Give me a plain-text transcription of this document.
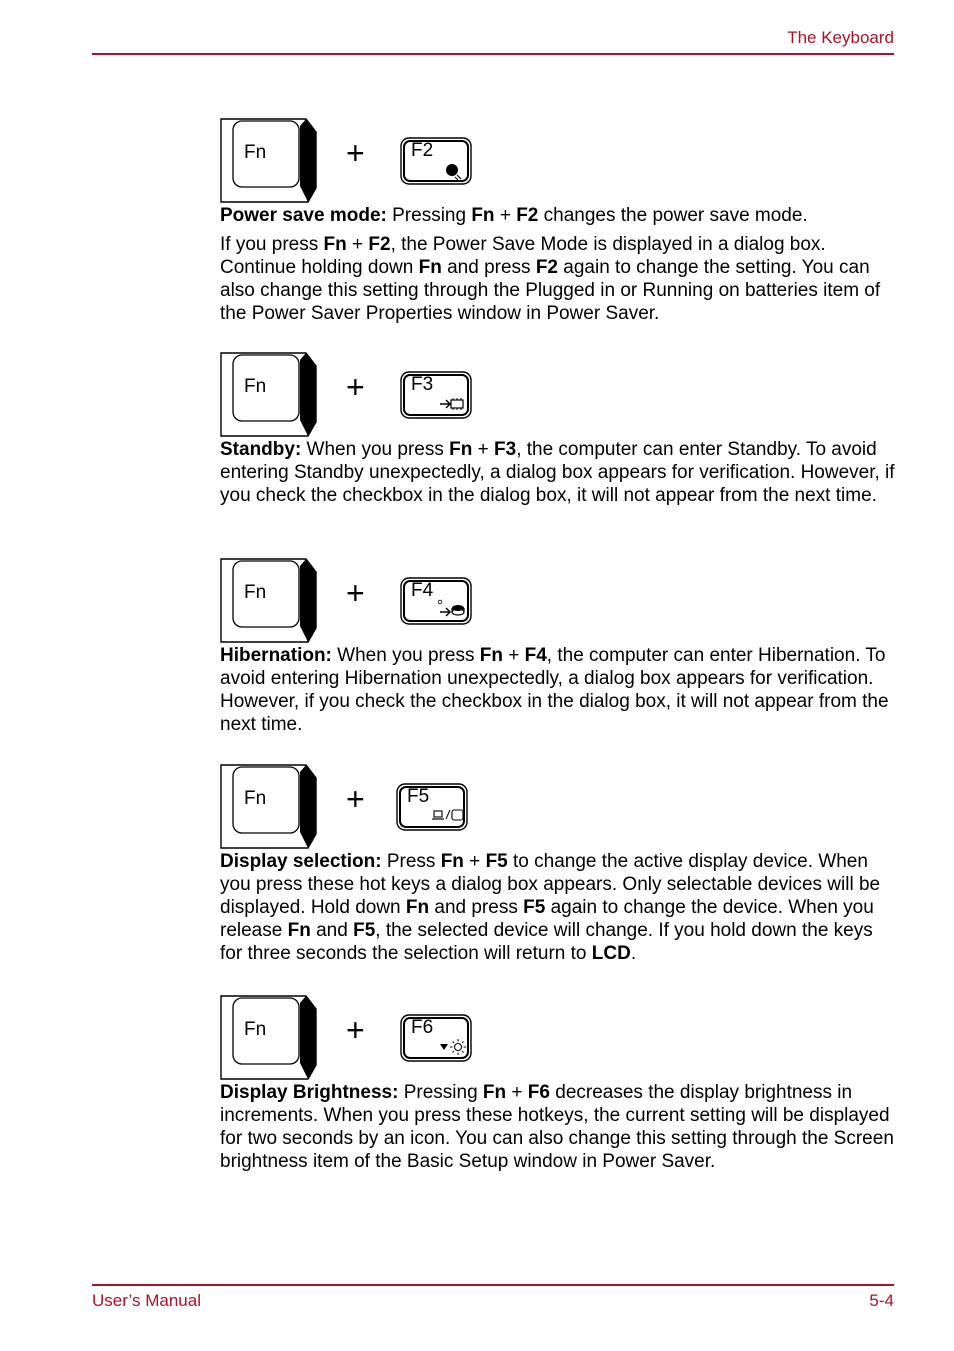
The Keyboard
Fn + F2

Power save mode: Pressing Fn + F2 changes the power save mode.

If you press Fn + F2, the Power Save Mode is displayed in a dialog box. Continue holding down Fn and press F2 again to change the setting. You can also change this setting through the Plugged in or Running on batteries item of the Power Saver Properties window in Power Saver.

Fn + F3

Standby: When you press Fn + F3, the computer can enter Standby. To avoid entering Standby unexpectedly, a dialog box appears for verification. However, if you check the checkbox in the dialog box, it will not appear from the next time.

Fn + F4

Hibernation: When you press Fn + F4, the computer can enter Hibernation. To avoid entering Hibernation unexpectedly, a dialog box appears for verification. However, if you check the checkbox in the dialog box, it will not appear from the next time.

Fn + F5

Display selection: Press Fn + F5 to change the active display device. When you press these hot keys a dialog box appears. Only selectable devices will be displayed. Hold down Fn and press F5 again to change the device. When you release Fn and F5, the selected device will change. If you hold down the keys for three seconds the selection will return to LCD.

Fn + F6

Display Brightness: Pressing Fn + F6 decreases the display brightness in increments. When you press these hotkeys, the current setting will be displayed for two seconds by an icon. You can also change this setting through the Screen brightness item of the Basic Setup window in Power Saver.

User’s Manual	5-4
